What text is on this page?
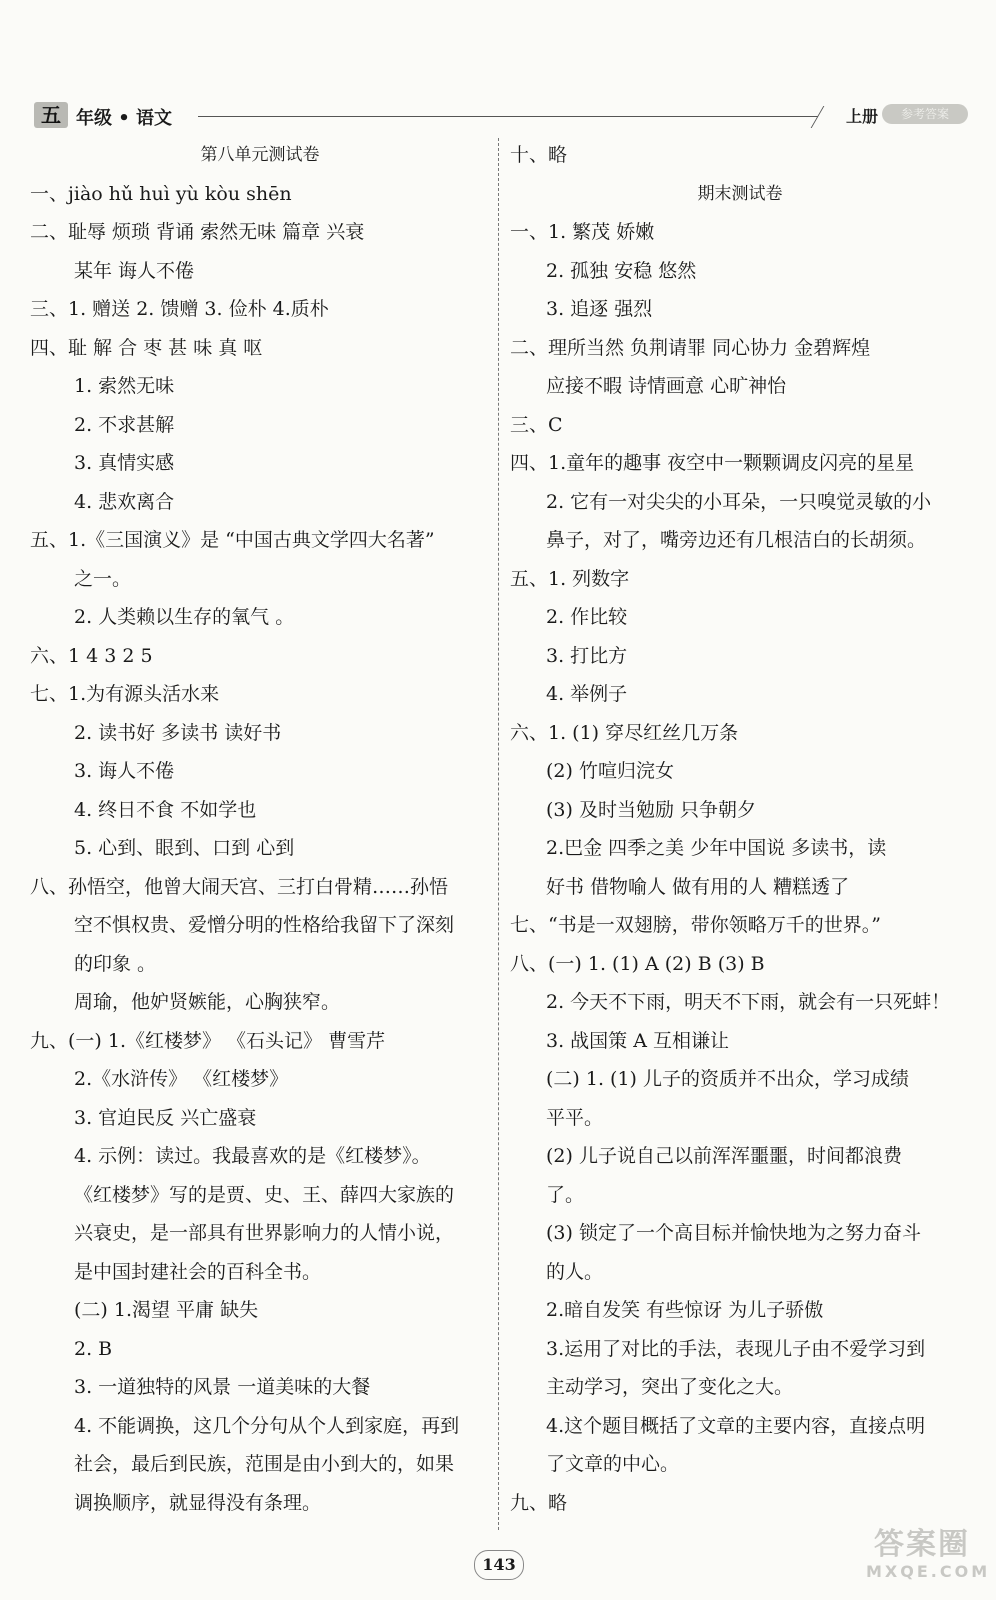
五 年级 • 语文	上册	参考答案
第八单元测试卷
一、jiào hǔ huì yù kòu shēn
二、耻辱 烦琐 背诵 索然无味 篇章 兴衰
某年 诲人不倦
三、1. 赠送 2. 馈赠 3. 俭朴 4.质朴
四、耻 解 合 枣 甚 味 真 呕
1. 索然无味
2. 不求甚解
3. 真情实感
4. 悲欢离合
五、1.《三国演义》是 “中国古典文学四大名著”
之一。
2. 人类赖以生存的氧气 。
六、1 4 3 2 5
七、1.为有源头活水来
2. 读书好 多读书 读好书
3. 诲人不倦
4. 终日不食 不如学也
5. 心到、眼到、口到 心到
八、孙悟空，他曾大闹天宫、三打白骨精……孙悟
空不惧权贵、爱憎分明的性格给我留下了深刻
的印象 。
周瑜，他妒贤嫉能，心胸狭窄。
九、(一) 1.《红楼梦》 《石头记》 曹雪芹
2.《水浒传》 《红楼梦》
3. 官迫民反 兴亡盛衰
4. 示例：读过。我最喜欢的是《红楼梦》。
《红楼梦》写的是贾、史、王、薛四大家族的
兴衰史，是一部具有世界影响力的人情小说，
是中国封建社会的百科全书。
(二) 1.渴望 平庸 缺失
2. B
3. 一道独特的风景 一道美味的大餐
4. 不能调换，这几个分句从个人到家庭，再到
社会，最后到民族，范围是由小到大的，如果
调换顺序，就显得没有条理。
十、略
期末测试卷
一、1. 繁茂 娇嫩
2. 孤独 安稳 悠然
3. 追逐 强烈
二、理所当然 负荆请罪 同心协力 金碧辉煌
应接不暇 诗情画意 心旷神怡
三、C
四、1.童年的趣事 夜空中一颗颗调皮闪亮的星星
2. 它有一对尖尖的小耳朵，一只嗅觉灵敏的小
鼻子，对了，嘴旁边还有几根洁白的长胡须。
五、1. 列数字
2. 作比较
3. 打比方
4. 举例子
六、1. (1) 穿尽红丝几万条
(2) 竹喧归浣女
(3) 及时当勉励 只争朝夕
2.巴金 四季之美 少年中国说 多读书，读
好书 借物喻人 做有用的人 糟糕透了
七、“书是一双翅膀，带你领略万千的世界。”
八、(一) 1. (1) A (2) B (3) B
2. 今天不下雨，明天不下雨，就会有一只死蚌！
3. 战国策 A 互相谦让
(二) 1. (1) 儿子的资质并不出众，学习成绩
平平。
(2) 儿子说自己以前浑浑噩噩，时间都浪费
了。
(3) 锁定了一个高目标并愉快地为之努力奋斗
的人。
2.暗自发笑 有些惊讶 为儿子骄傲
3.运用了对比的手法，表现儿子由不爱学习到
主动学习，突出了变化之大。
4.这个题目概括了文章的主要内容，直接点明
了文章的中心。
九、略
143
答案圈
MXQE.COM
